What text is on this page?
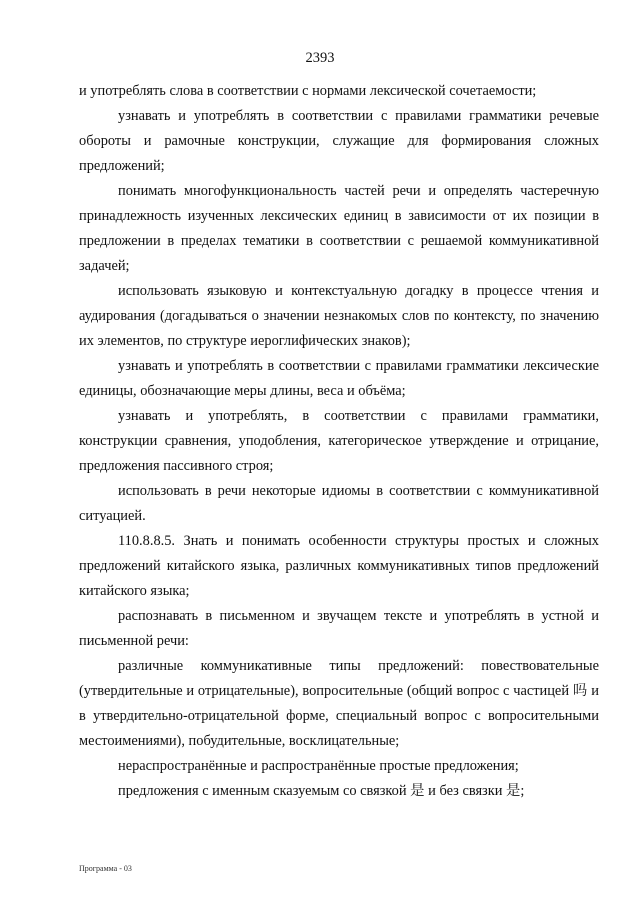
2393

и употреблять слова в соответствии с нормами лексической сочетаемости;

узнавать и употреблять в соответствии с правилами грамматики речевые обороты и рамочные конструкции, служащие для формирования сложных предложений;

понимать многофункциональность частей речи и определять частеречную принадлежность изученных лексических единиц в зависимости от их позиции в предложении в пределах тематики в соответствии с решаемой коммуникативной задачей;

использовать языковую и контекстуальную догадку в процессе чтения и аудирования (догадываться о значении незнакомых слов по контексту, по значению их элементов, по структуре иероглифических знаков);

узнавать и употреблять в соответствии с правилами грамматики лексические единицы, обозначающие меры длины, веса и объёма;

узнавать и употреблять, в соответствии с правилами грамматики, конструкции сравнения, уподобления, категорическое утверждение и отрицание, предложения пассивного строя;

использовать в речи некоторые идиомы в соответствии с коммуникативной ситуацией.

110.8.8.5. Знать и понимать особенности структуры простых и сложных предложений китайского языка, различных коммуникативных типов предложений китайского языка;

распознавать в письменном и звучащем тексте и употреблять в устной и письменной речи:

различные коммуникативные типы предложений: повествовательные (утвердительные и отрицательные), вопросительные (общий вопрос с частицей 吗 и в утвердительно-отрицательной форме, специальный вопрос с вопросительными местоимениями), побудительные, восклицательные;

нераспространённые и распространённые простые предложения;

предложения с именным сказуемым со связкой 是 и без связки 是;

Программа - 03
